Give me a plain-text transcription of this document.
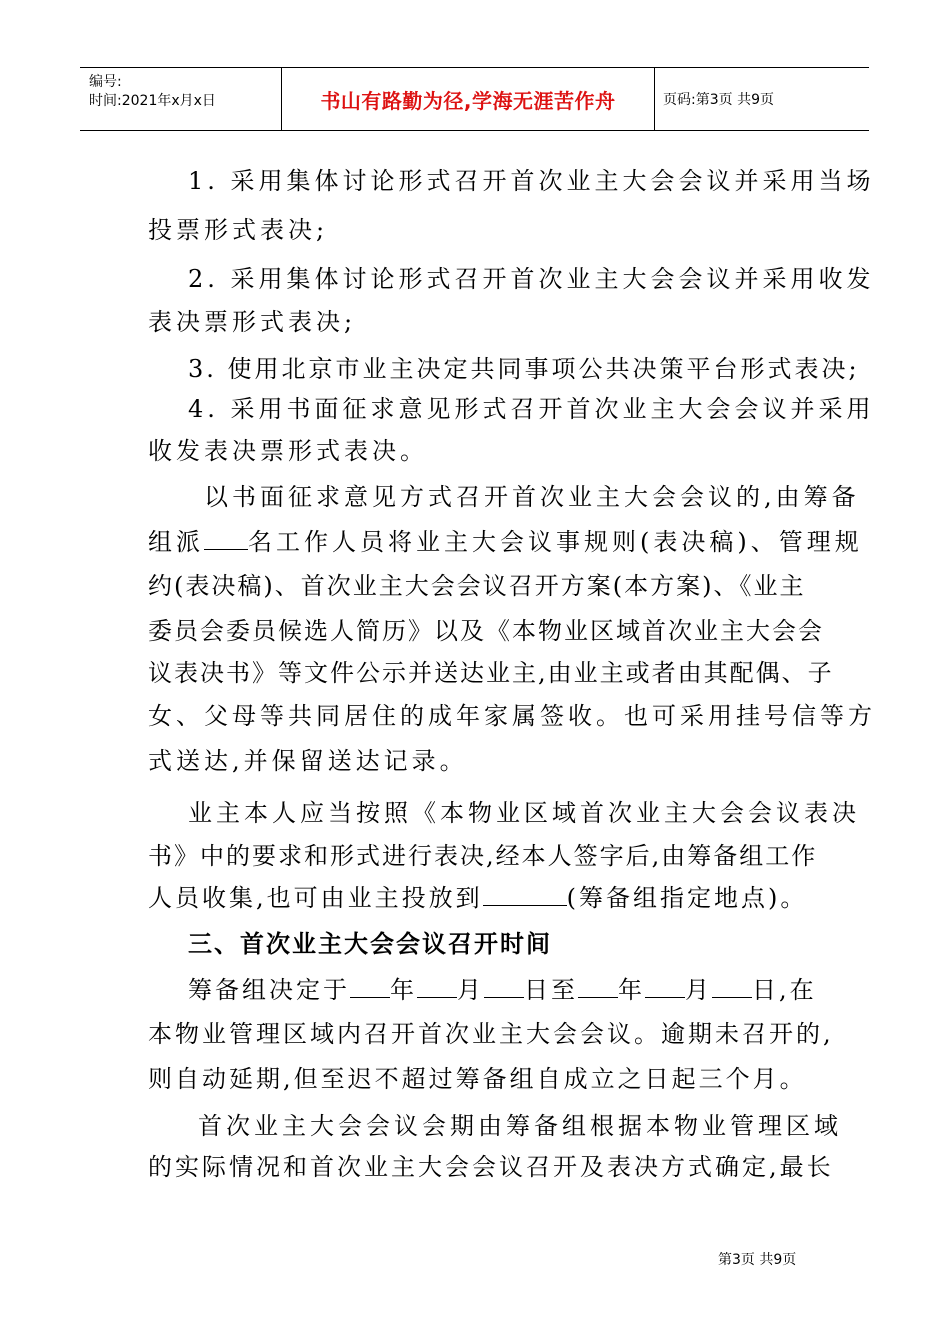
编号:
时间:2021年x月x日	书山有路勤为径,学海无涯苦作舟	页码:第3页 共9页
1. 采用集体讨论形式召开首次业主大会会议并采用当场
投票形式表决;
2. 采用集体讨论形式召开首次业主大会会议并采用收发
表决票形式表决;
3. 使用北京市业主决定共同事项公共决策平台形式表决;
4. 采用书面征求意见形式召开首次业主大会会议并采用
收发表决票形式表决。
以书面征求意见方式召开首次业主大会会议的,由筹备
组派 名工作人员将业主大会议事规则(表决稿)、管理规
约(表决稿)、首次业主大会会议召开方案(本方案)、《业主
委员会委员候选人简历》以及《本物业区域首次业主大会会
议表决书》等文件公示并送达业主,由业主或者由其配偶、子
女、父母等共同居住的成年家属签收。也可采用挂号信等方
式送达,并保留送达记录。
业主本人应当按照《本物业区域首次业主大会会议表决
书》中的要求和形式进行表决,经本人签字后,由筹备组工作
人员收集,也可由业主投放到	(筹备组指定地点)。
三、首次业主大会会议召开时间
筹备组决定于 年 月 日至 年 月 日,在
本物业管理区域内召开首次业主大会会议。逾期未召开的,
则自动延期,但至迟不超过筹备组自成立之日起三个月。
首次业主大会会议会期由筹备组根据本物业管理区域
的实际情况和首次业主大会会议召开及表决方式确定,最长
第3页 共9页
